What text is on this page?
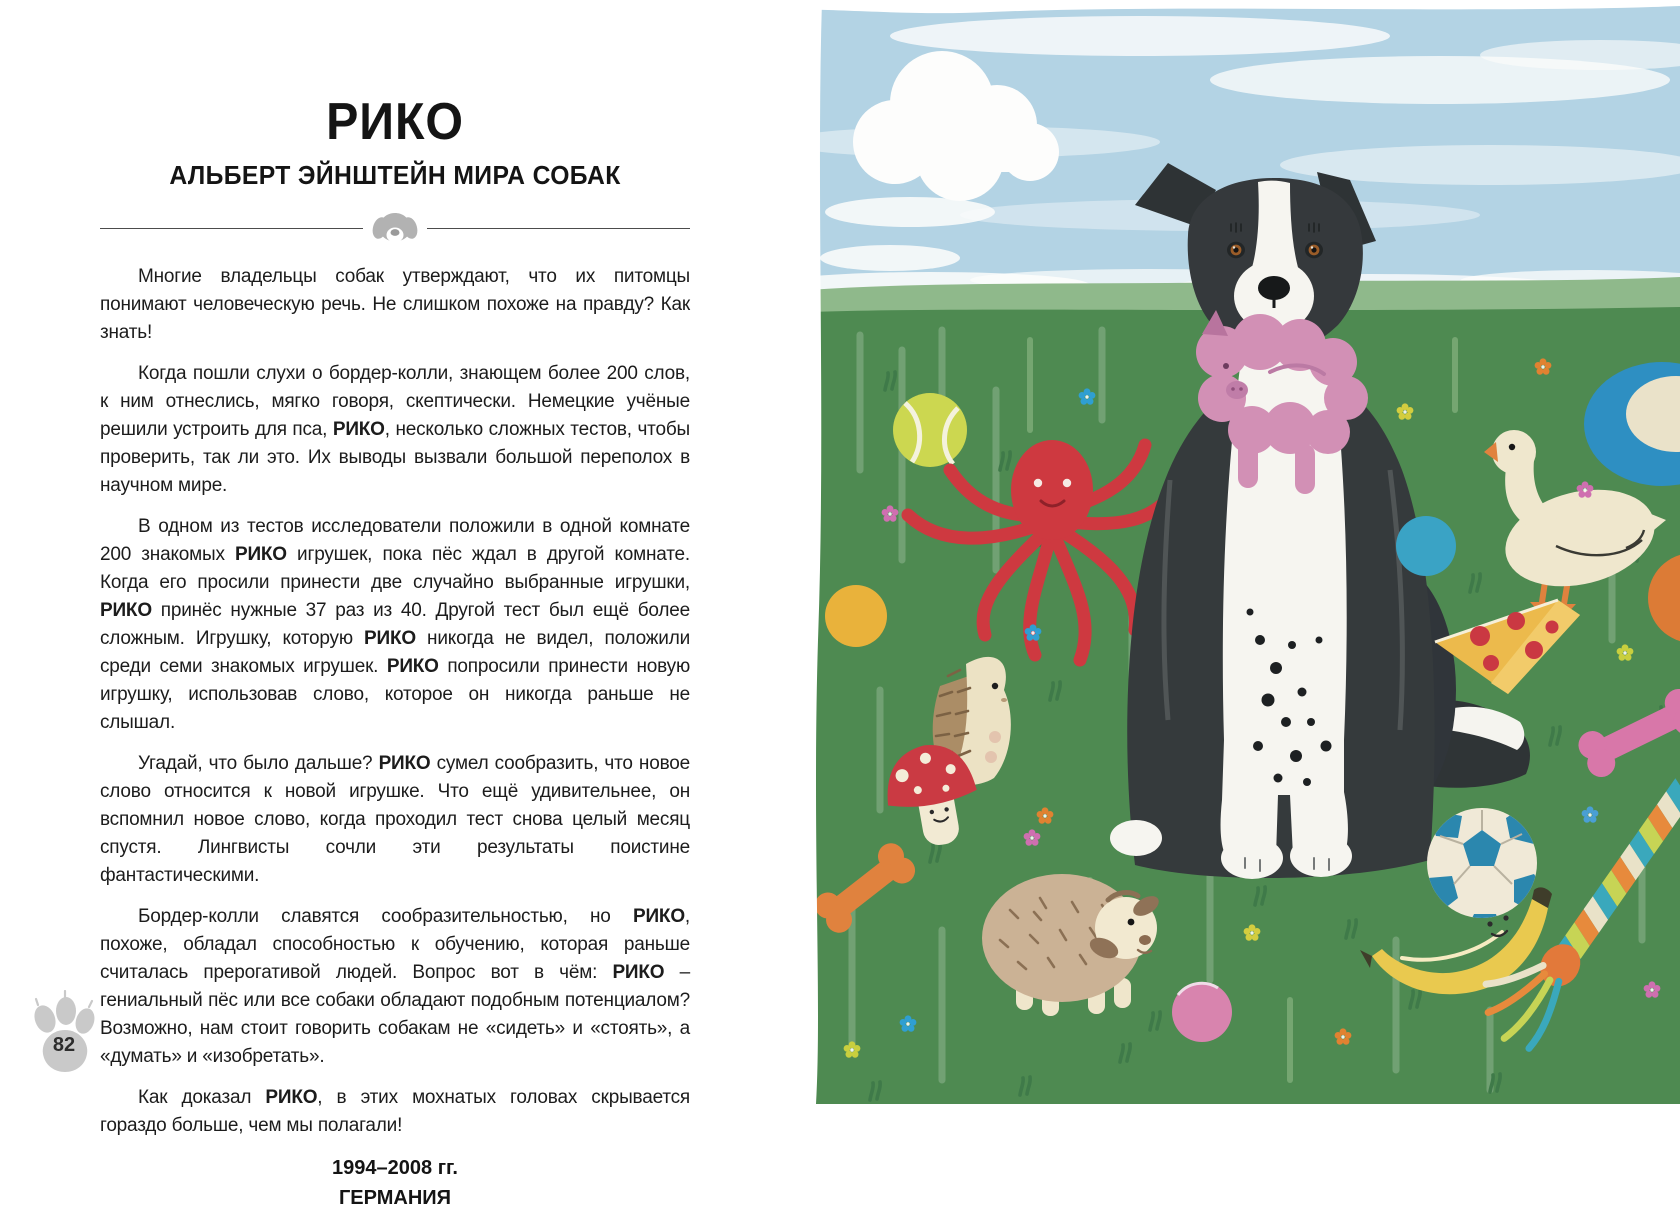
РИКО
АЛЬБЕРТ ЭЙНШТЕЙН МИРА СОБАК

Многие владельцы собак утверждают, что их питомцы понимают человеческую речь. Не слишком похоже на правду? Как знать!

Когда пошли слухи о бордер-колли, знающем более 200 слов, к ним отнеслись, мягко говоря, скептически. Немецкие учёные решили устроить для пса, РИКО, несколько сложных тестов, чтобы проверить, так ли это. Их выводы вызвали большой переполох в научном мире.

В одном из тестов исследователи положили в одной комнате 200 знакомых РИКО игрушек, пока пёс ждал в другой комнате. Когда его просили принести две случайно выбранные игрушки, РИКО принёс нужные 37 раз из 40. Другой тест был ещё более сложным. Игрушку, которую РИКО никогда не видел, положили среди семи знакомых игрушек. РИКО попросили принести новую игрушку, использовав слово, которое он никогда раньше не слышал.

Угадай, что было дальше? РИКО сумел сообразить, что новое слово относится к новой игрушке. Что ещё удивительнее, он вспомнил новое слово, когда проходил тест снова целый месяц спустя. Лингвисты сочли эти результаты поистине фантастическими.

Бордер-колли славятся сообразительностью, но РИКО, похоже, обладал способностью к обучению, которая раньше считалась прерогативой людей. Вопрос вот в чём: РИКО – гениальный пёс или все собаки обладают подобным потенциалом? Возможно, нам стоит говорить собакам не «сидеть» и «стоять», а «думать» и «изобретать».

Как доказал РИКО, в этих мохнатых головах скрывается гораздо больше, чем мы полагали!

1994–2008 гг.
ГЕРМАНИЯ
82
